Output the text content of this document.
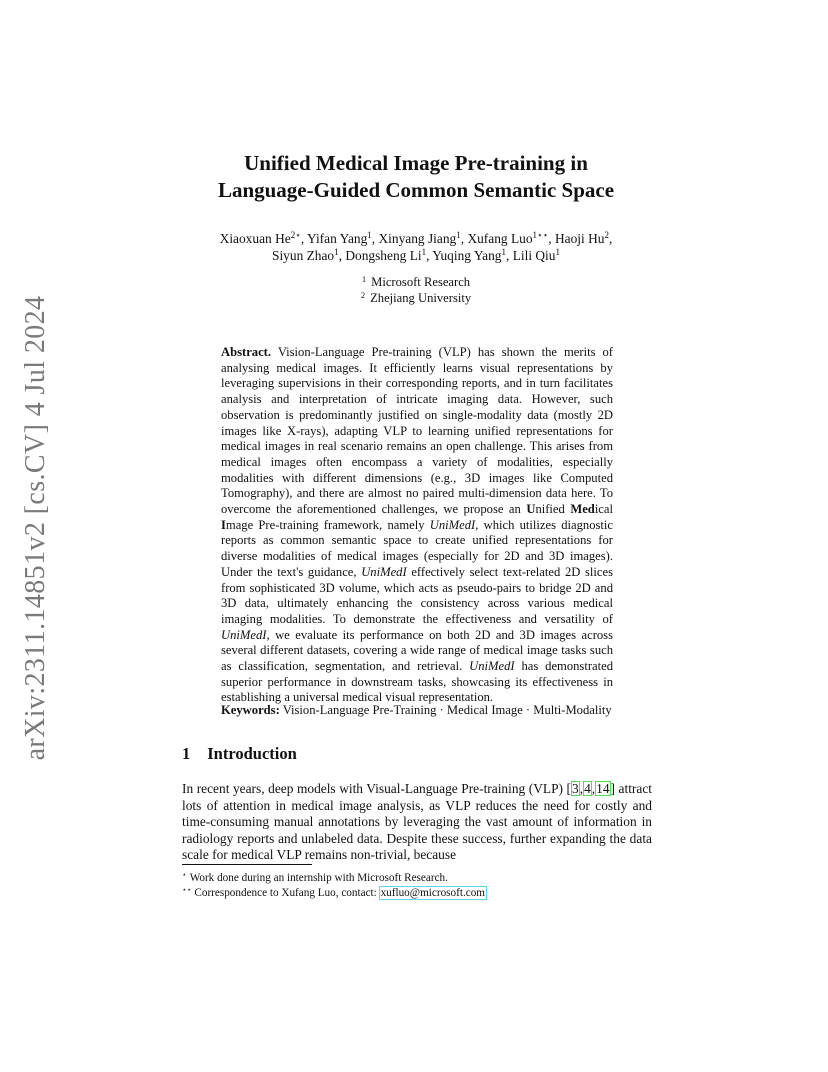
arXiv:2311.14851v2 [cs.CV] 4 Jul 2024
Unified Medical Image Pre-training in
Language-Guided Common Semantic Space
Xiaoxuan $He^{2⋆}$, Yifan Yang$^1$, Xinyang Jiang$^1$, Xufang Luo$^{1⋆⋆}$, Haoji Hu$^2$,
Siyun Zhao$^1$, Dongsheng Li$^1$, Yuqing Yang$^1$, Lili Qiu$^1$
$^1$ Microsoft Research
$^2$ Zhejiang University
Abstract. Vision-Language Pre-training (VLP) has shown the merits of analysing medical images. It efficiently learns visual representations by leveraging supervisions in their corresponding reports, and in turn facilitates analysis and interpretation of intricate imaging data. However, such observation is predominantly justified on single-modality data (mostly 2D images like X-rays), adapting VLP to learning unified representations for medical images in real scenario remains an open challenge. This arises from medical images often encompass a variety of modalities, especially modalities with different dimensions (e.g., 3D images like Computed Tomography), and there are almost no paired multi-dimension data here. To overcome the aforementioned challenges, we propose an Unified Medical Image Pre-training framework, namely UniMedI, which utilizes diagnostic reports as common semantic space to create unified representations for diverse modalities of medical images (especially for 2D and 3D images). Under the text's guidance, UniMedI effectively select text-related 2D slices from sophisticated 3D volume, which acts as pseudo-pairs to bridge 2D and 3D data, ultimately enhancing the consistency across various medical imaging modalities. To demonstrate the effectiveness and versatility of UniMedI, we evaluate its performance on both 2D and 3D images across several different datasets, covering a wide range of medical image tasks such as classification, segmentation, and retrieval. UniMedI has demonstrated superior performance in downstream tasks, showcasing its effectiveness in establishing a universal medical visual representation.
Keywords: Vision-Language Pre-Training · Medical Image · Multi-Modality
1 Introduction
In recent years, deep models with Visual-Language Pre-training (VLP) [3,4,14] attract lots of attention in medical image analysis, as VLP reduces the need for costly and time-consuming manual annotations by leveraging the vast amount of information in radiology reports and unlabeled data. Despite these success, further expanding the data scale for medical VLP remains non-trivial, because
⋆ Work done during an internship with Microsoft Research.
⋆⋆ Correspondence to Xufang Luo, contact: xufluo@microsoft.com
